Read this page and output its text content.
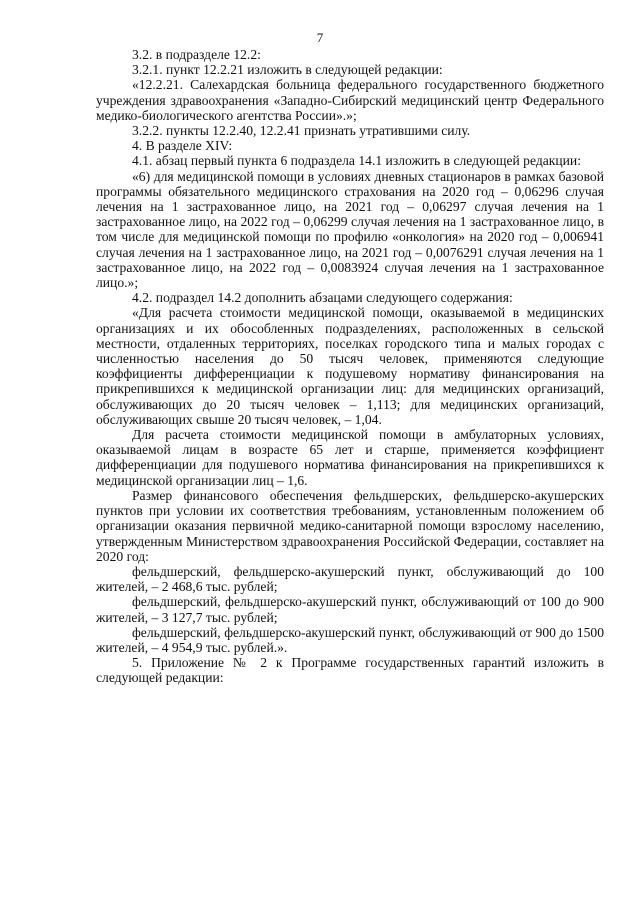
7

3.2. в подразделе 12.2:

3.2.1. пункт 12.2.21 изложить в следующей редакции:

«12.2.21. Салехардская больница федерального государственного бюджетного учреждения здравоохранения «Западно-Сибирский медицинский центр Федерального медико-биологического агентства России».»;

3.2.2. пункты 12.2.40, 12.2.41 признать утратившими силу.

4. В разделе XIV:

4.1. абзац первый пункта 6 подраздела 14.1 изложить в следующей редакции:

«6) для медицинской помощи в условиях дневных стационаров в рамках базовой программы обязательного медицинского страхования на 2020 год – 0,06296 случая лечения на 1 застрахованное лицо, на 2021 год – 0,06297 случая лечения на 1 застрахованное лицо, на 2022 год – 0,06299 случая лечения на 1 застрахованное лицо, в том числе для медицинской помощи по профилю «онкология» на 2020 год – 0,006941 случая лечения на 1 застрахованное лицо, на 2021 год – 0,0076291 случая лечения на 1 застрахованное лицо, на 2022 год – 0,0083924 случая лечения на 1 застрахованное лицо.»;

4.2. подраздел 14.2 дополнить абзацами следующего содержания:

«Для расчета стоимости медицинской помощи, оказываемой в медицинских организациях и их обособленных подразделениях, расположенных в сельской местности, отдаленных территориях, поселках городского типа и малых городах с численностью населения до 50 тысяч человек, применяются следующие коэффициенты дифференциации к подушевому нормативу финансирования на прикрепившихся к медицинской организации лиц: для медицинских организаций, обслуживающих до 20 тысяч человек – 1,113; для медицинских организаций, обслуживающих свыше 20 тысяч человек, – 1,04.

Для расчета стоимости медицинской помощи в амбулаторных условиях, оказываемой лицам в возрасте 65 лет и старше, применяется коэффициент дифференциации для подушевого норматива финансирования на прикрепившихся к медицинской организации лиц – 1,6.

Размер финансового обеспечения фельдшерских, фельдшерско-акушерских пунктов при условии их соответствия требованиям, установленным положением об организации оказания первичной медико-санитарной помощи взрослому населению, утвержденным Министерством здравоохранения Российской Федерации, составляет на 2020 год:

фельдшерский, фельдшерско-акушерский пункт, обслуживающий до 100 жителей, – 2 468,6 тыс. рублей;

фельдшерский, фельдшерско-акушерский пункт, обслуживающий от 100 до 900 жителей, – 3 127,7 тыс. рублей;

фельдшерский, фельдшерско-акушерский пункт, обслуживающий от 900 до 1500 жителей, – 4 954,9 тыс. рублей.».

5. Приложение № 2 к Программе государственных гарантий изложить в следующей редакции:
